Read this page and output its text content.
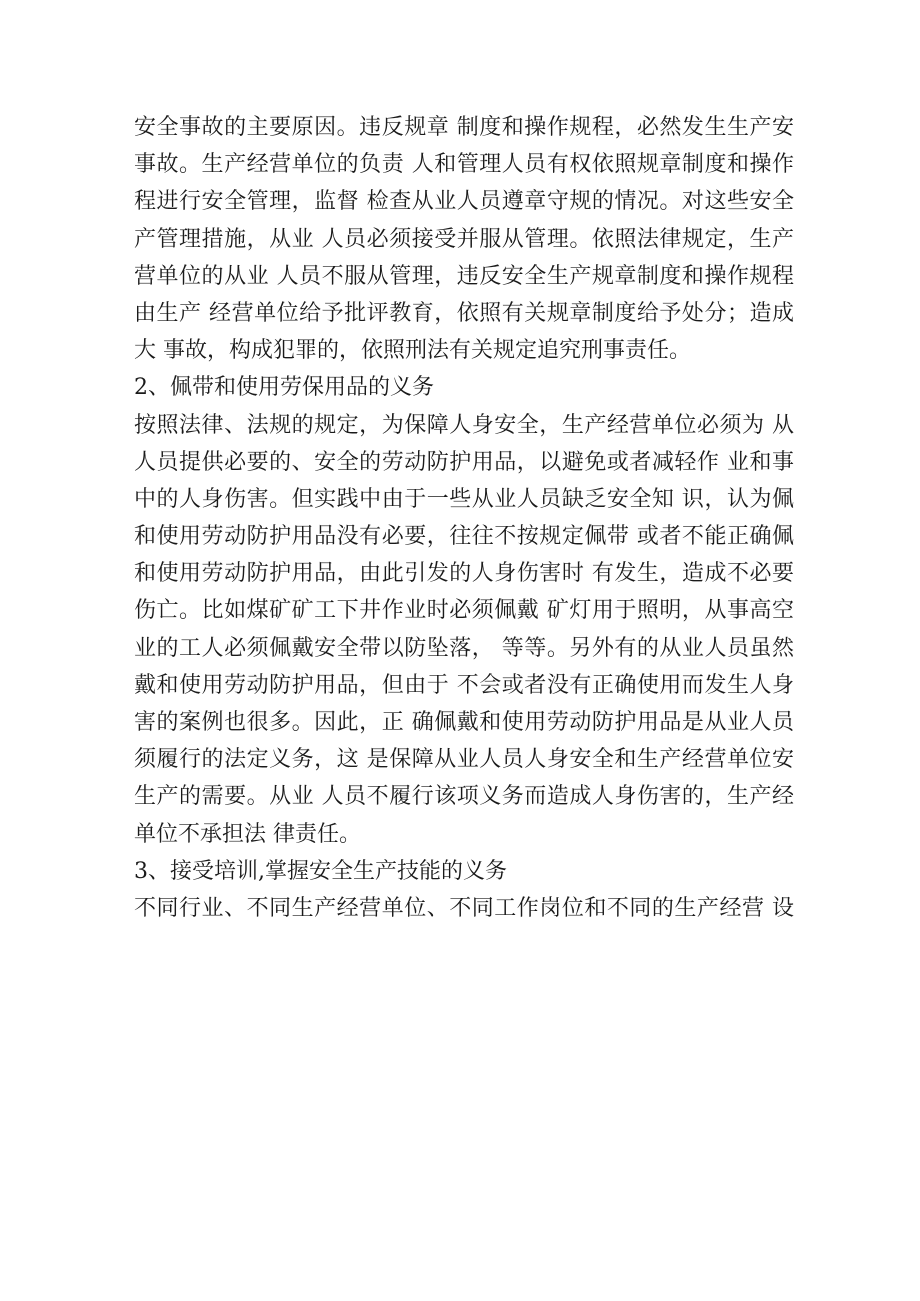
安全事故的主要原因。违反规章 制度和操作规程，必然发生生产安
事故。生产经营单位的负责 人和管理人员有权依照规章制度和操作
程进行安全管理，监督 检查从业人员遵章守规的情况。对这些安全
产管理措施，从业 人员必须接受并服从管理。依照法律规定，生产
营单位的从业 人员不服从管理，违反安全生产规章制度和操作规程
由生产 经营单位给予批评教育，依照有关规章制度给予处分；造成
大 事故，构成犯罪的，依照刑法有关规定追究刑事责任。
2、佩带和使用劳保用品的义务
按照法律、法规的规定，为保障人身安全，生产经营单位必须为 从
人员提供必要的、安全的劳动防护用品，以避免或者减轻作 业和事
中的人身伤害。但实践中由于一些从业人员缺乏安全知 识，认为佩
和使用劳动防护用品没有必要，往往不按规定佩带 或者不能正确佩
和使用劳动防护用品，由此引发的人身伤害时 有发生，造成不必要
伤亡。比如煤矿矿工下井作业时必须佩戴 矿灯用于照明，从事高空
业的工人必须佩戴安全带以防坠落， 等等。另外有的从业人员虽然
戴和使用劳动防护用品，但由于 不会或者没有正确使用而发生人身
害的案例也很多。因此，正 确佩戴和使用劳动防护用品是从业人员
须履行的法定义务，这 是保障从业人员人身安全和生产经营单位安
生产的需要。从业 人员不履行该项义务而造成人身伤害的，生产经
单位不承担法 律责任。
3、接受培训,掌握安全生产技能的义务
不同行业、不同生产经营单位、不同工作岗位和不同的生产经营 设
